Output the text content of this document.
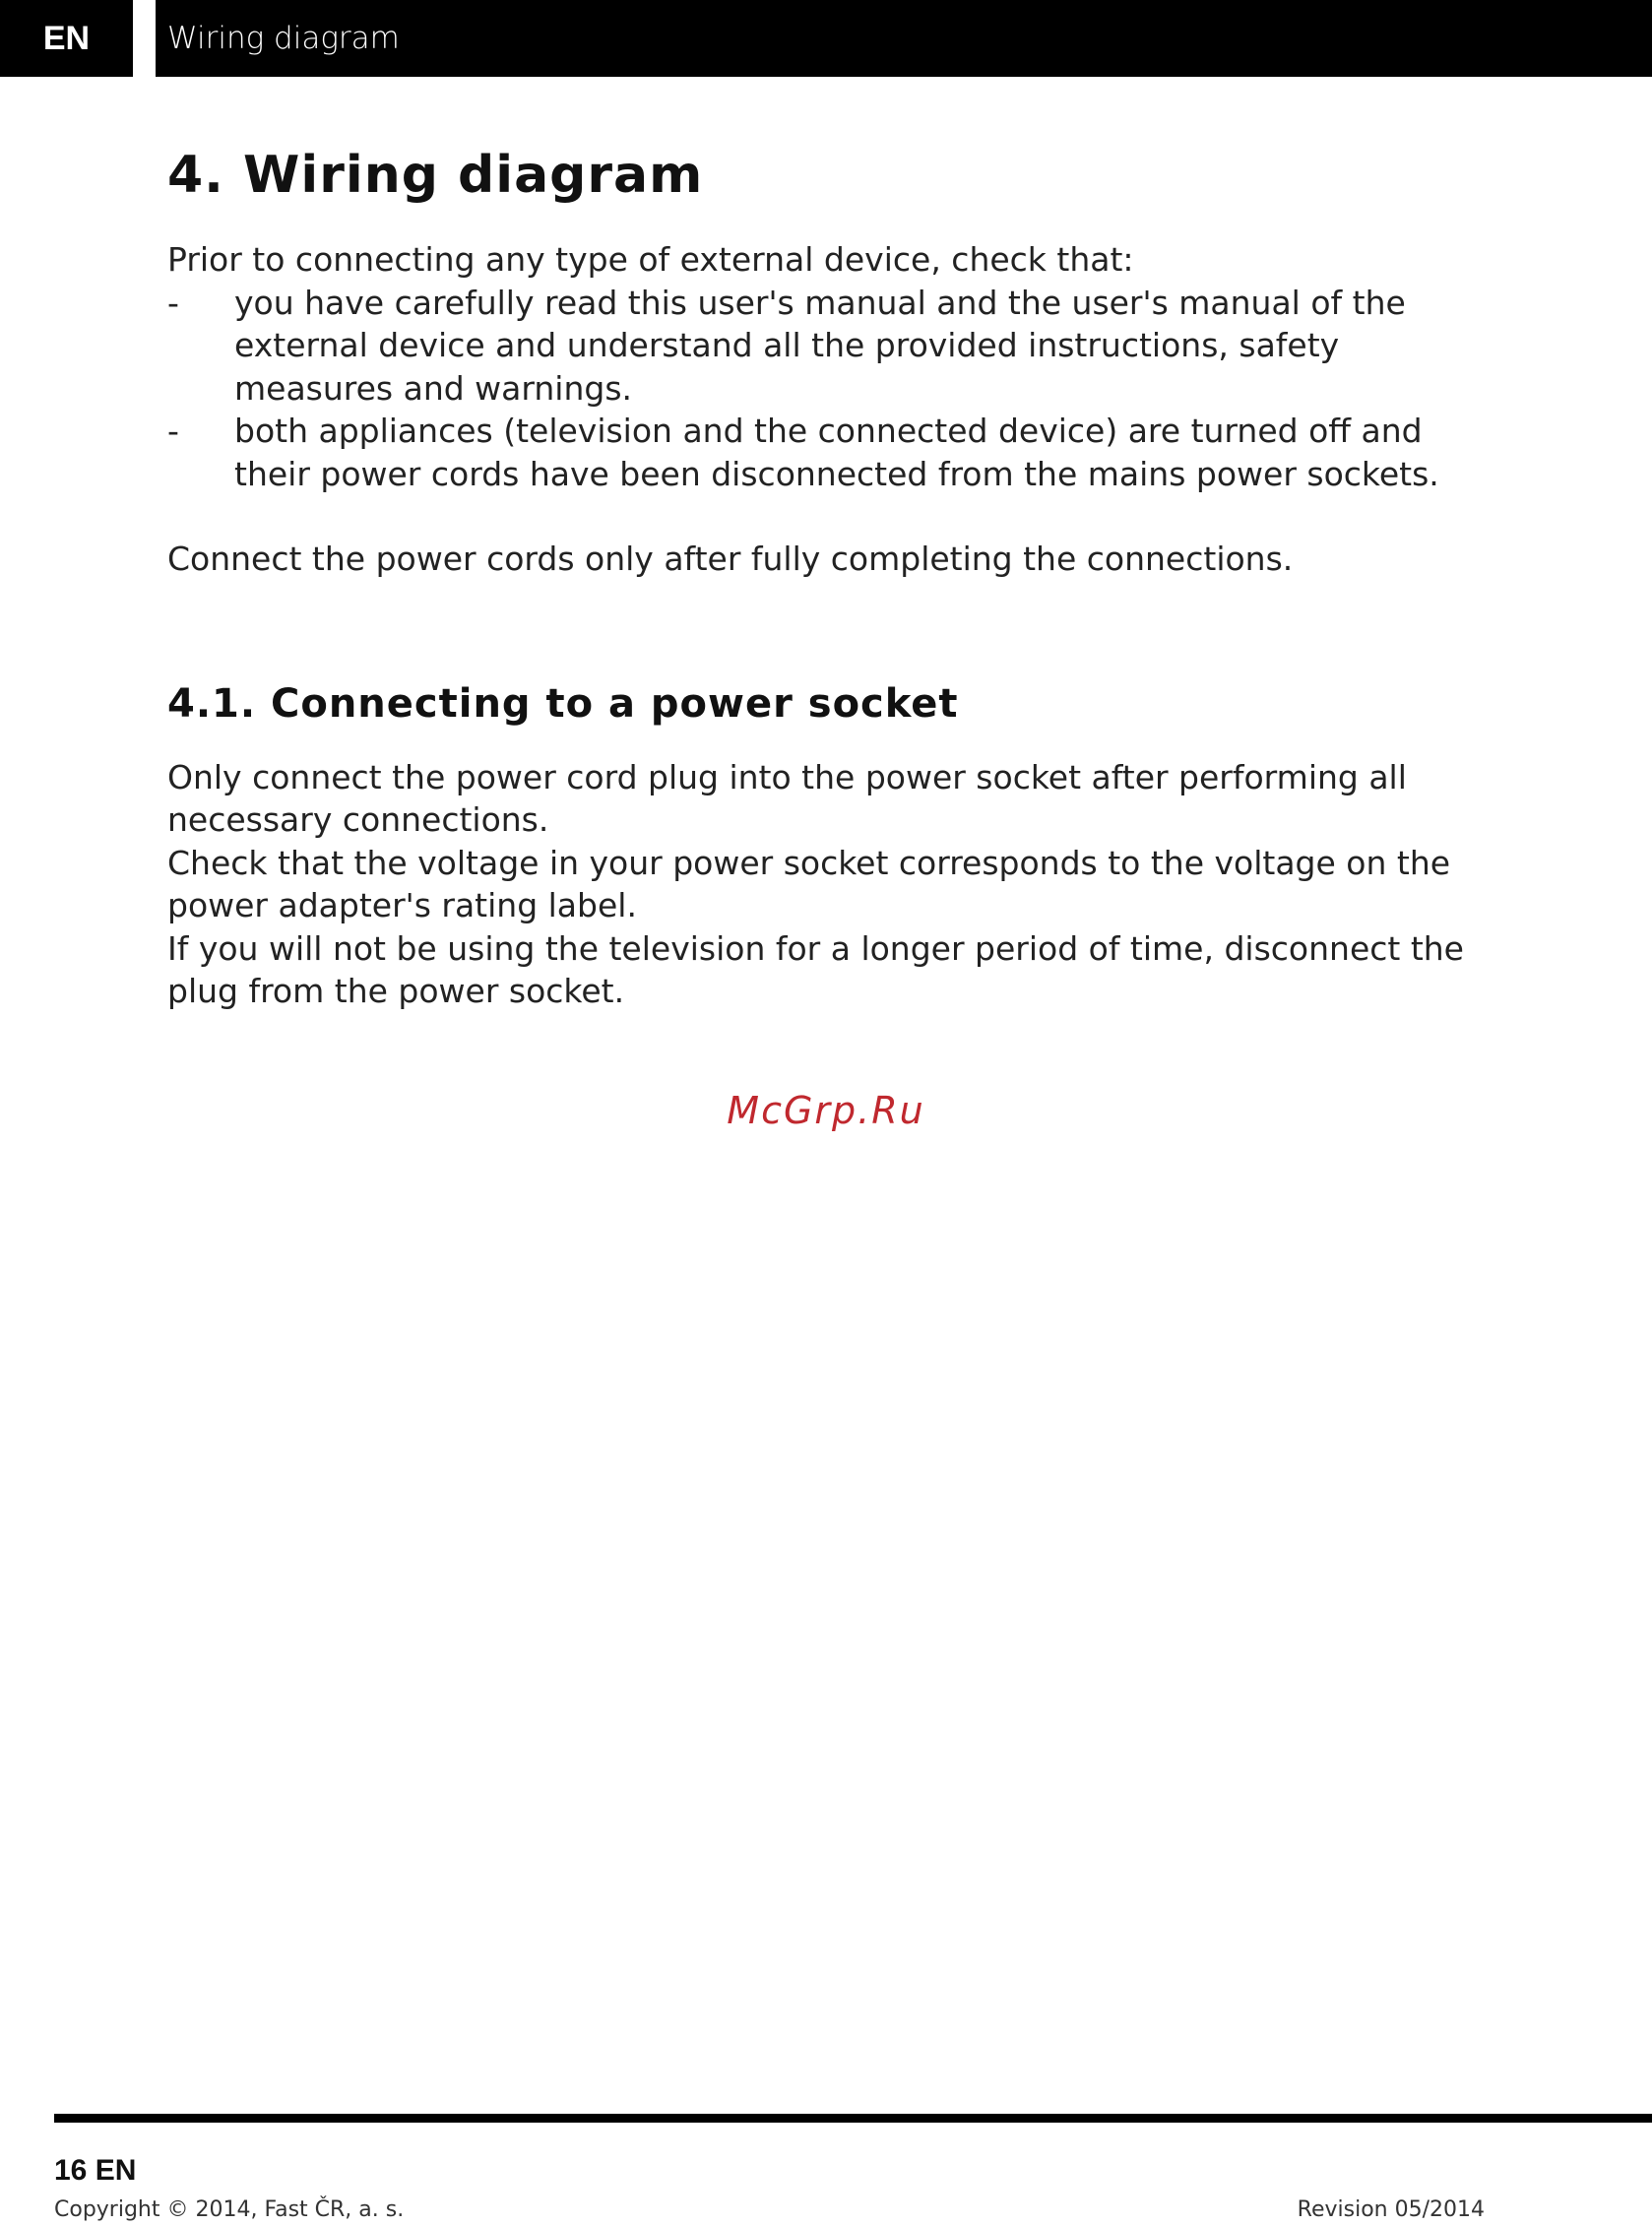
EN	Wiring diagram
4. Wiring diagram

Prior to connecting any type of external device, check that:

- you have carefully read this user's manual and the user's manual of the external device and understand all the provided instructions, safety measures and warnings.
- both appliances (television and the connected device) are turned off and their power cords have been disconnected from the mains power sockets.

Connect the power cords only after fully completing the connections.

4.1. Connecting to a power socket

Only connect the power cord plug into the power socket after performing all necessary connections.

Check that the voltage in your power socket corresponds to the voltage on the power adapter's rating label.

If you will not be using the television for a longer period of time, disconnect the plug from the power socket.

McGrp.Ru
16 EN
Copyright © 2014, Fast ČR, a. s.	Revision 05/2014
